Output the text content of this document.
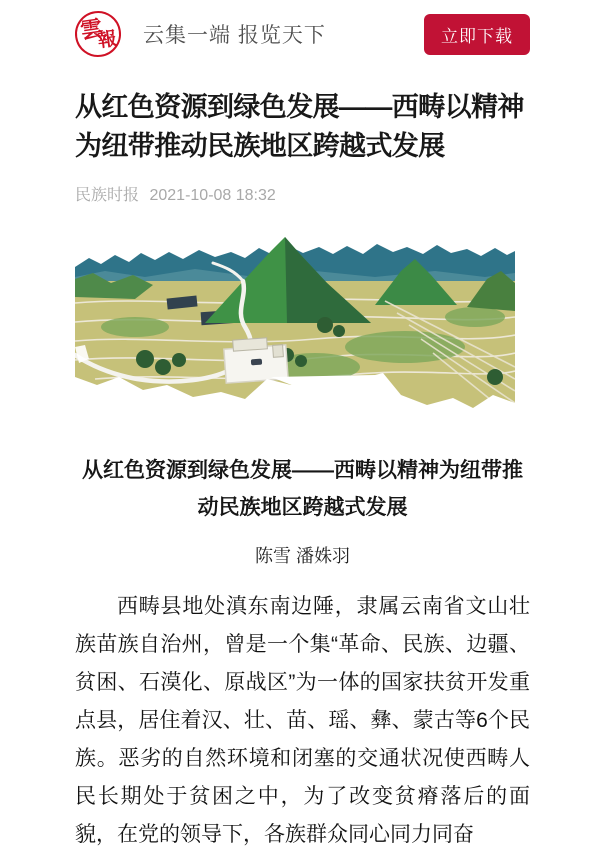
雲
報 云集一端 报览天下	立即下载
从红色资源到绿色发展——西畴以精神为纽带推动民族地区跨越式发展
民族时报 2021-10-08 18:32
从红色资源到绿色发展——西畴以精神为纽带推动民族地区跨越式发展
陈雪 潘姝羽

西畴县地处滇东南边陲，隶属云南省文山壮族苗族自治州，曾是一个集“革命、民族、边疆、贫困、石漠化、原战区”为一体的国家扶贫开发重点县，居住着汉、壮、苗、瑶、彝、蒙古等6个民族。恶劣的自然环境和闭塞的交通状况使西畴人民长期处于贫困之中，为了改变贫瘠落后的面貌，在党的领导下，各族群众同心同力同奋
